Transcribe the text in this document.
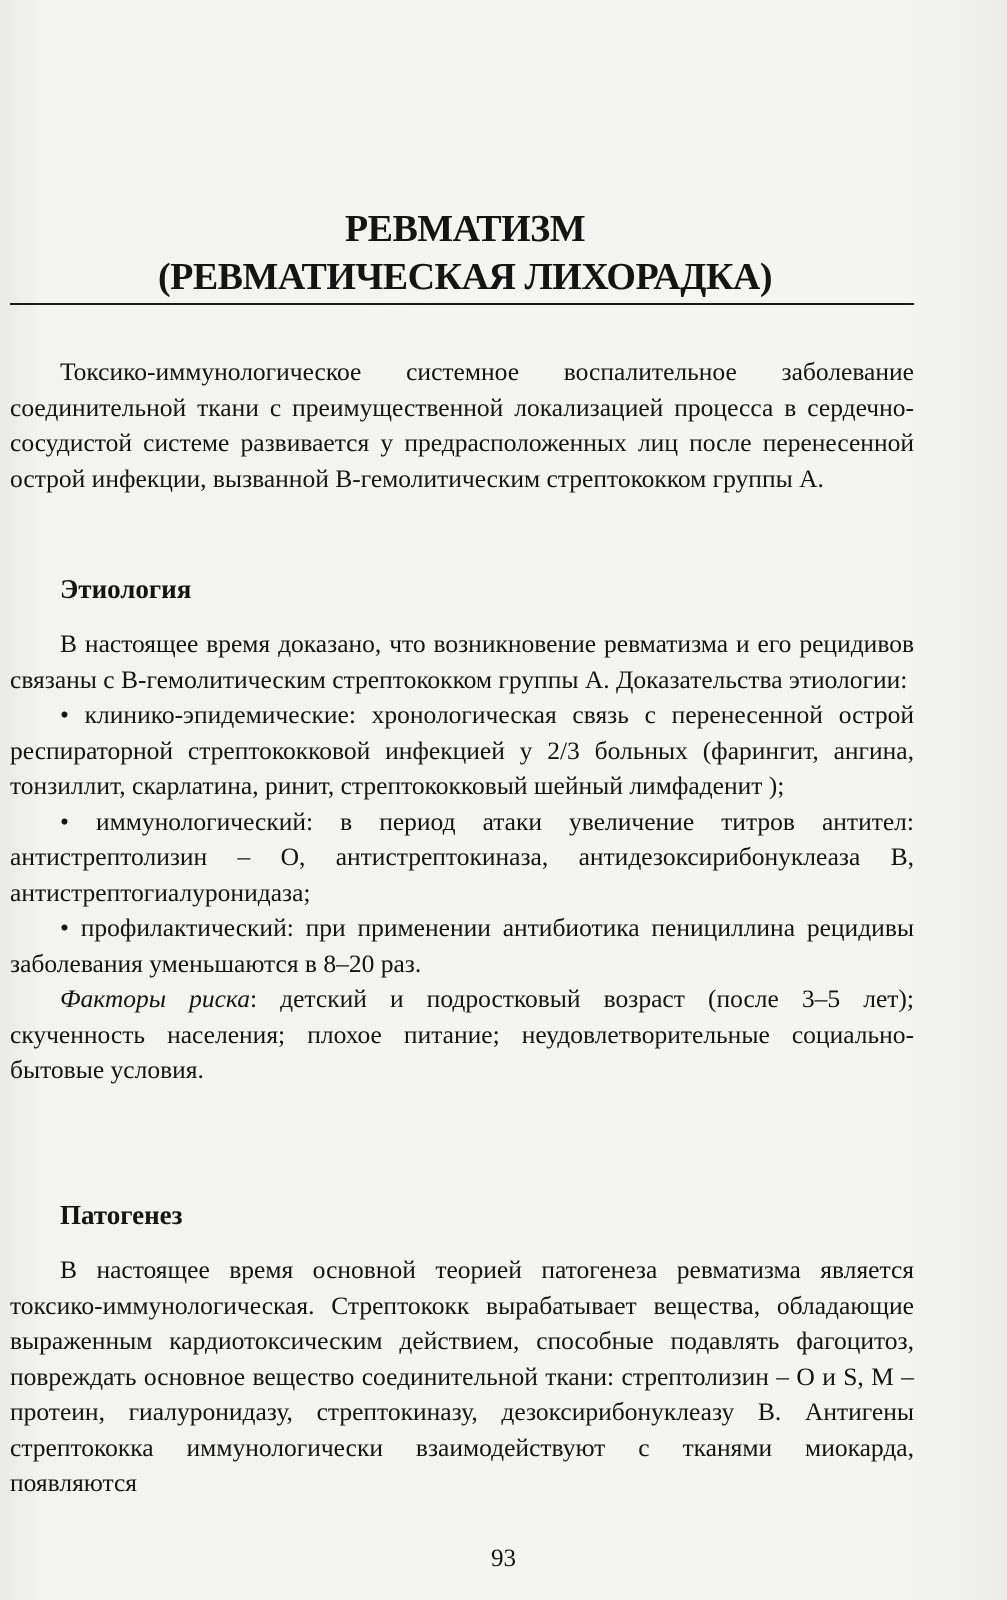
РЕВМАТИЗМ
(РЕВМАТИЧЕСКАЯ ЛИХОРАДКА)

Токсико-иммунологическое системное воспалительное заболевание соединительной ткани с преимущественной локализацией процесса в сердечно-сосудистой системе развивается у предрасположенных лиц после перенесенной острой инфекции, вызванной B-гемолитическим стрептококком группы А.

Этиология

В настоящее время доказано, что возникновение ревматизма и его рецидивов связаны с В-гемолитическим стрептококком группы А. Доказательства этиологии:

• клинико-эпидемические: хронологическая связь с перенесенной острой респираторной стрептококковой инфекцией у 2/3 больных (фарингит, ангина, тонзиллит, скарлатина, ринит, стрептококковый шейный лимфаденит );

• иммунологический: в период атаки увеличение титров антител: антистрептолизин – О, антистрептокиназа, антидезоксирибонуклеаза В, антистрептогиалуронидаза;

• профилактический: при применении антибиотика пенициллина рецидивы заболевания уменьшаются в 8–20 раз.

Факторы риска: детский и подростковый возраст (после 3–5 лет); скученность населения; плохое питание; неудовлетворительные социально-бытовые условия.

Патогенез

В настоящее время основной теорией патогенеза ревматизма является токсико-иммунологическая. Стрептококк вырабатывает вещества, обладающие выраженным кардиотоксическим действием, способные подавлять фагоцитоз, повреждать основное вещество соединительной ткани: стрептолизин – О и S, М – протеин, гиалуронидазу, стрептокиназу, дезоксирибонуклеазу В. Антигены стрептококка иммунологически взаимодействуют с тканями миокарда, появляются

93
